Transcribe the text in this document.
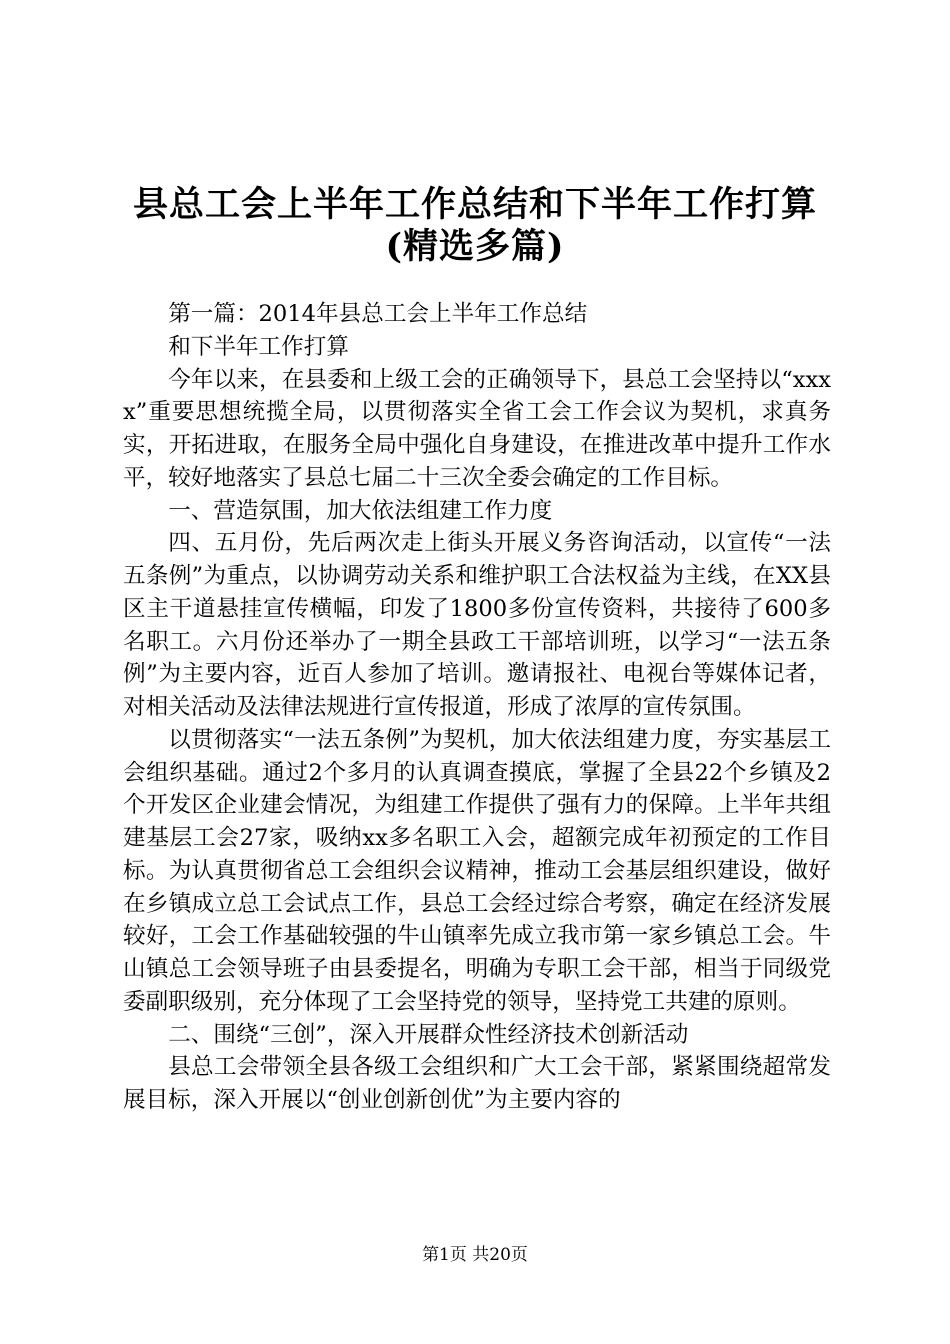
县总工会上半年工作总结和下半年工作打算
(精选多篇)

第一篇：2014年县总工会上半年工作总结

和下半年工作打算

今年以来，在县委和上级工会的正确领导下，县总工会坚持以“xxxx”重要思想统揽全局，以贯彻落实全省工会工作会议为契机，求真务实，开拓进取，在服务全局中强化自身建设，在推进改革中提升工作水平，较好地落实了县总七届二十三次全委会确定的工作目标。

一、营造氛围，加大依法组建工作力度

四、五月份，先后两次走上街头开展义务咨询活动，以宣传“一法五条例”为重点，以协调劳动关系和维护职工合法权益为主线，在XX县区主干道悬挂宣传横幅，印发了1800多份宣传资料，共接待了600多名职工。六月份还举办了一期全县政工干部培训班，以学习“一法五条例”为主要内容，近百人参加了培训。邀请报社、电视台等媒体记者，对相关活动及法律法规进行宣传报道，形成了浓厚的宣传氛围。

以贯彻落实“一法五条例”为契机，加大依法组建力度，夯实基层工会组织基础。通过2个多月的认真调查摸底，掌握了全县22个乡镇及2个开发区企业建会情况，为组建工作提供了强有力的保障。上半年共组建基层工会27家，吸纳xx多名职工入会，超额完成年初预定的工作目标。为认真贯彻省总工会组织会议精神，推动工会基层组织建设，做好在乡镇成立总工会试点工作，县总工会经过综合考察，确定在经济发展较好，工会工作基础较强的牛山镇率先成立我市第一家乡镇总工会。牛山镇总工会领导班子由县委提名，明确为专职工会干部，相当于同级党委副职级别，充分体现了工会坚持党的领导，坚持党工共建的原则。

二、围绕“三创”，深入开展群众性经济技术创新活动

县总工会带领全县各级工会组织和广大工会干部，紧紧围绕超常发展目标，深入开展以“创业创新创优”为主要内容的

第1页 共20页
